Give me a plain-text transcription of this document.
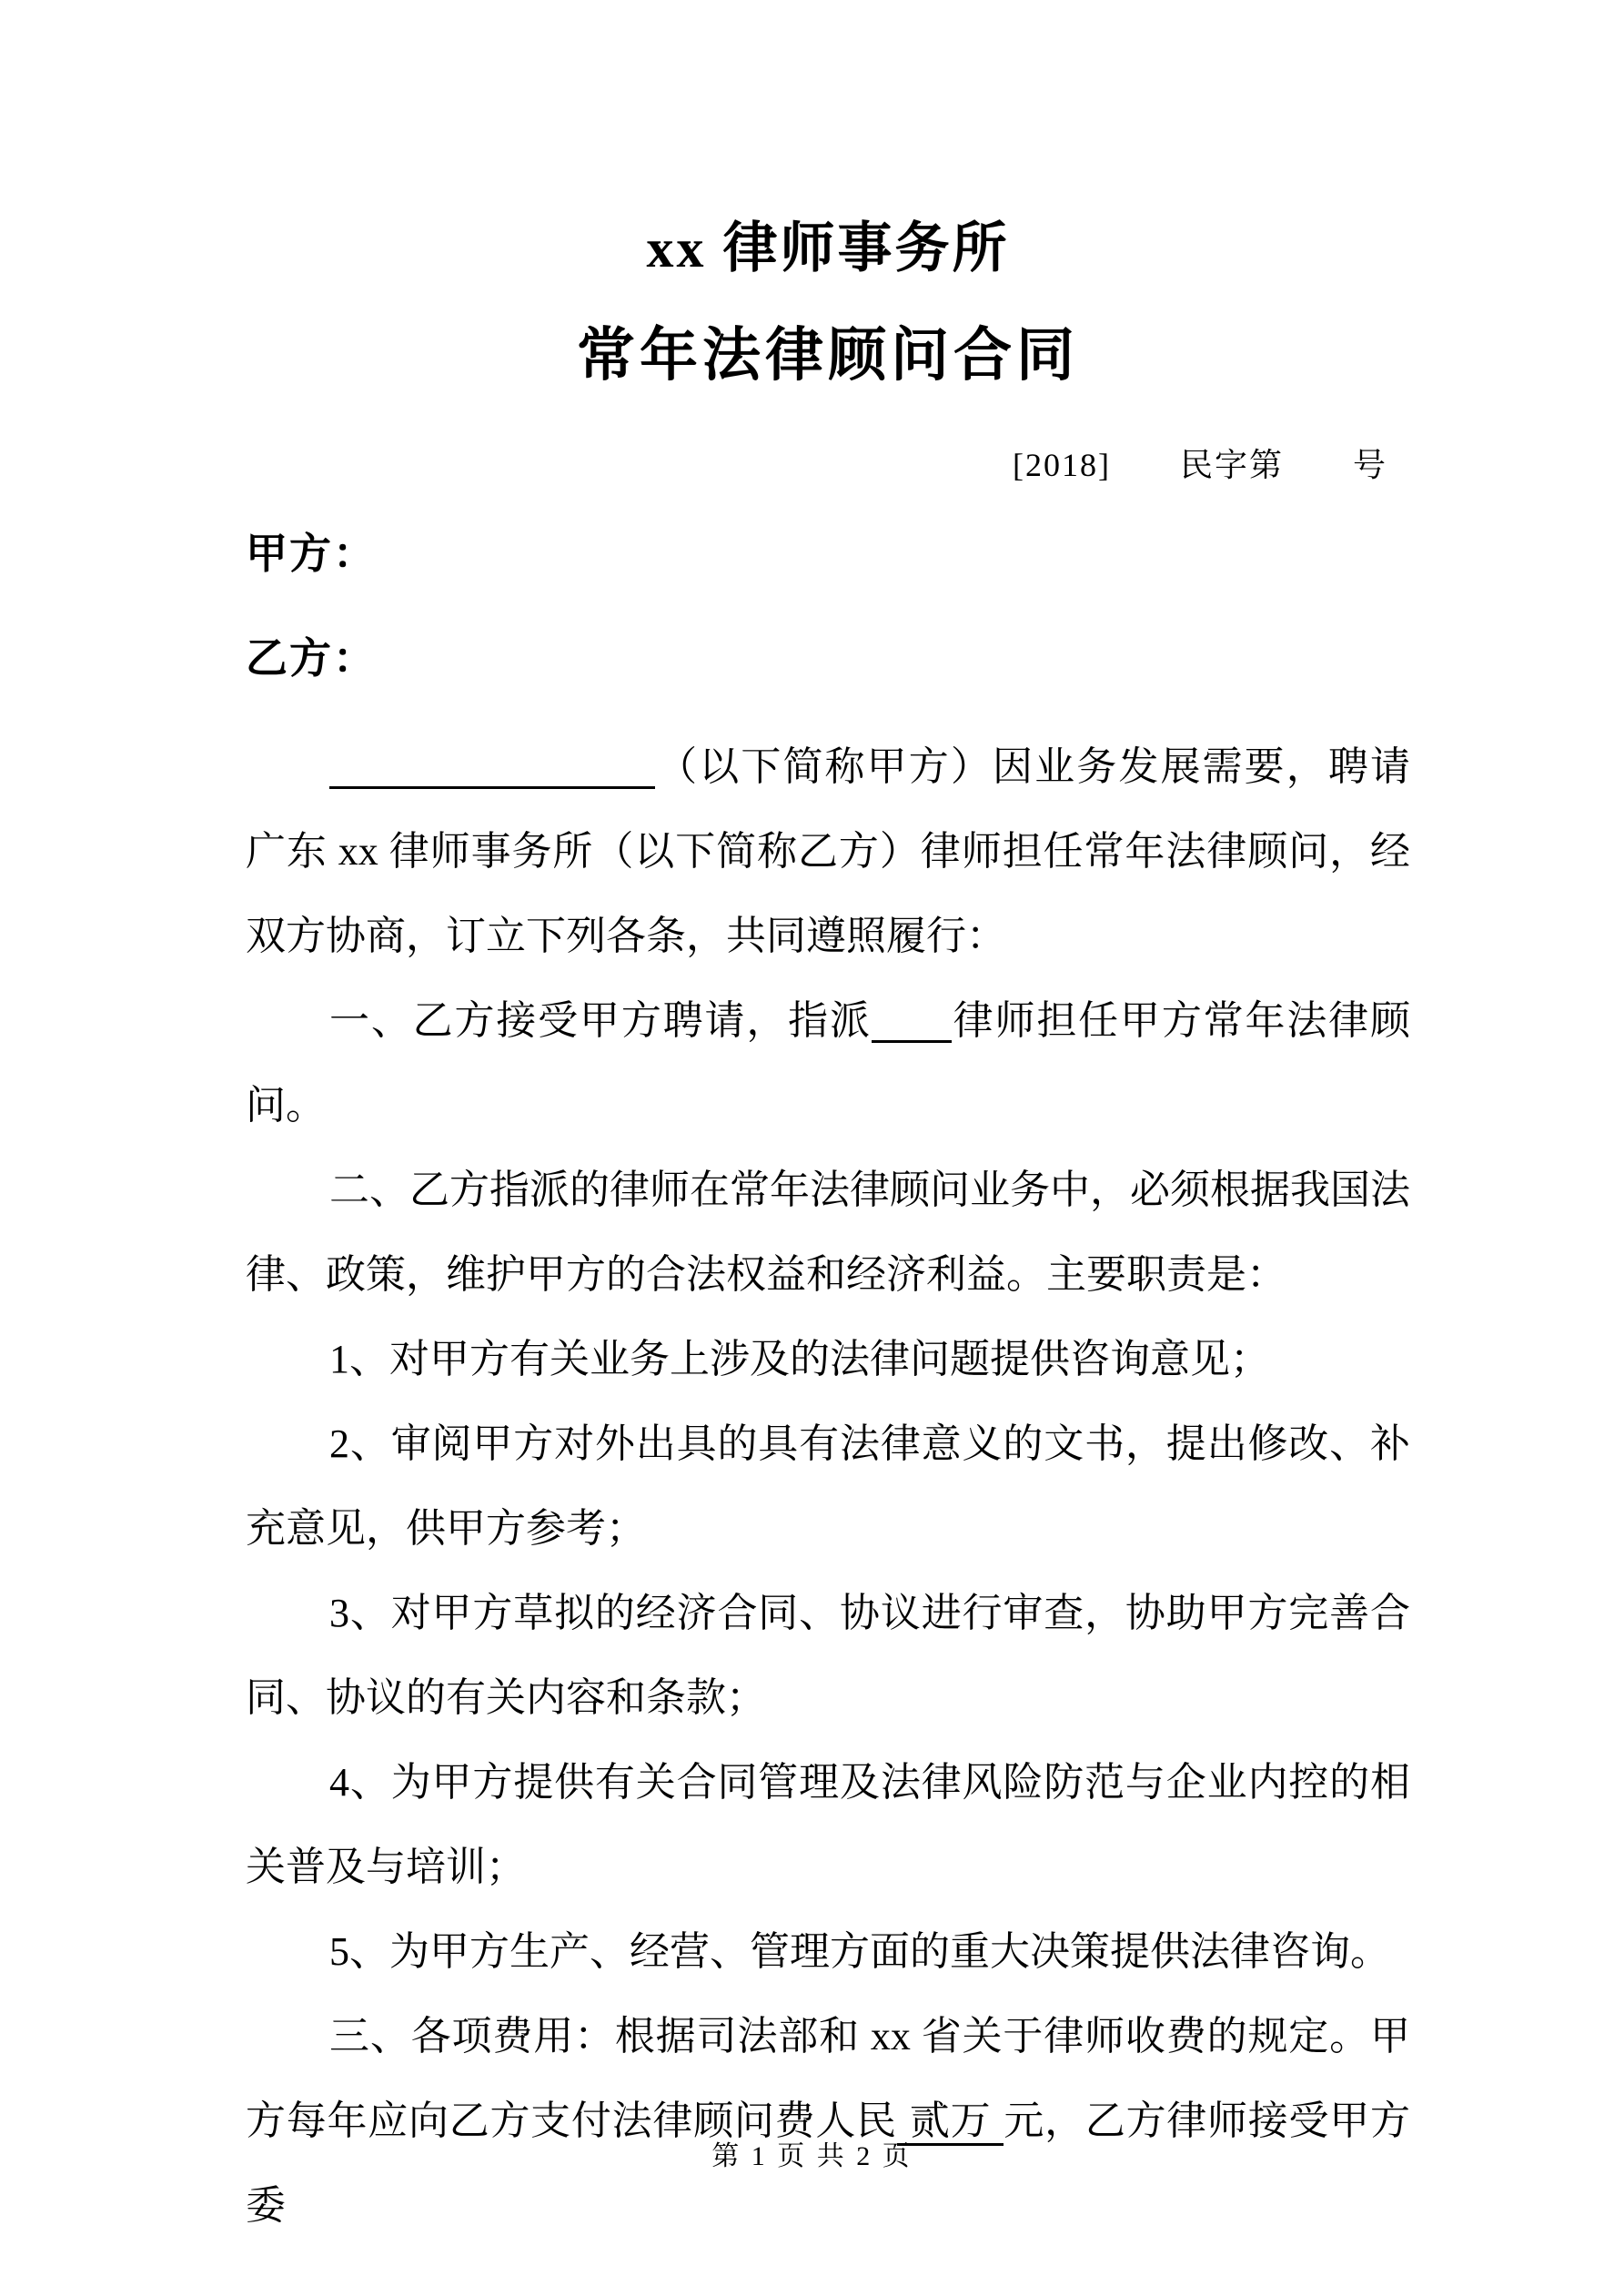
xx 律师事务所
常年法律顾问合同
[2018]　　民字第　　号
甲方：
乙方：

（以下简称甲方）因业务发展需要，聘请广东 xx 律师事务所（以下简称乙方）律师担任常年法律顾问，经双方协商，订立下列各条，共同遵照履行：

一、乙方接受甲方聘请，指派 律师担任甲方常年法律顾问。

二、乙方指派的律师在常年法律顾问业务中，必须根据我国法律、政策，维护甲方的合法权益和经济利益。主要职责是：

1、对甲方有关业务上涉及的法律问题提供咨询意见；

2、审阅甲方对外出具的具有法律意义的文书，提出修改、补充意见，供甲方参考；

3、对甲方草拟的经济合同、协议进行审查，协助甲方完善合同、协议的有关内容和条款；

4、为甲方提供有关合同管理及法律风险防范与企业内控的相关普及与培训；

5、为甲方生产、经营、管理方面的重大决策提供法律咨询。

三、各项费用：根据司法部和 xx 省关于律师收费的规定。甲方每年应向乙方支付法律顾问费人民 贰万 元，乙方律师接受甲方委

第 1 页 共 2 页
